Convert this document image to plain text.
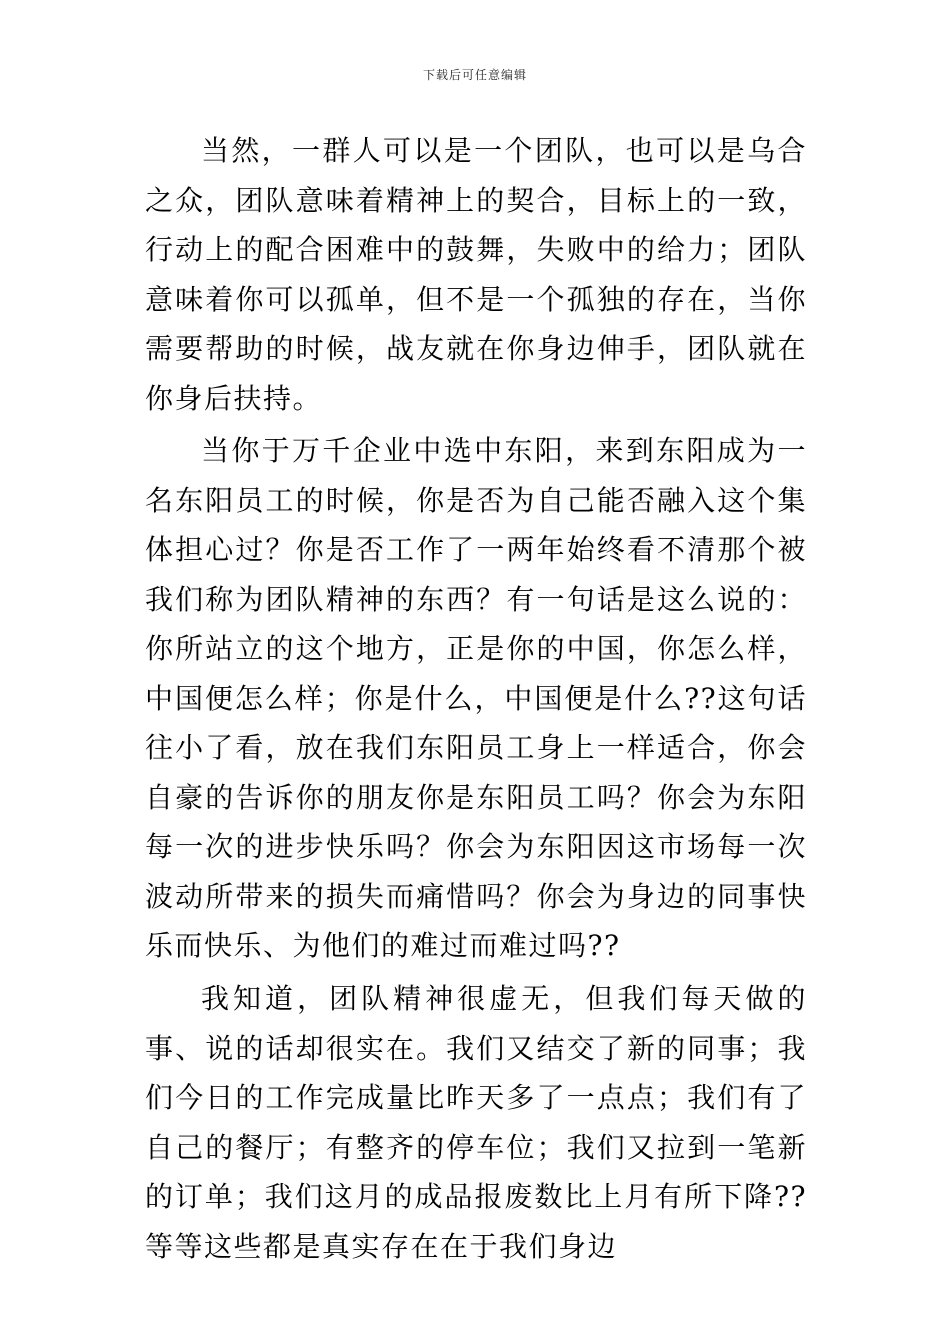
下载后可任意编辑

当然，一群人可以是一个团队，也可以是乌合之众，团队意味着精神上的契合，目标上的一致，行动上的配合困难中的鼓舞，失败中的给力；团队意味着你可以孤单，但不是一个孤独的存在，当你需要帮助的时候，战友就在你身边伸手，团队就在你身后扶持。

当你于万千企业中选中东阳，来到东阳成为一名东阳员工的时候，你是否为自己能否融入这个集体担心过？你是否工作了一两年始终看不清那个被我们称为团队精神的东西？有一句话是这么说的：你所站立的这个地方，正是你的中国，你怎么样，中国便怎么样；你是什么，中国便是什么??这句话往小了看，放在我们东阳员工身上一样适合，你会自豪的告诉你的朋友你是东阳员工吗？你会为东阳每一次的进步快乐吗？你会为东阳因这市场每一次波动所带来的损失而痛惜吗？你会为身边的同事快乐而快乐、为他们的难过而难过吗??

我知道，团队精神很虚无，但我们每天做的事、说的话却很实在。我们又结交了新的同事；我们今日的工作完成量比昨天多了一点点；我们有了自己的餐厅；有整齐的停车位；我们又拉到一笔新的订单；我们这月的成品报废数比上月有所下降??等等这些都是真实存在在于我们身边
